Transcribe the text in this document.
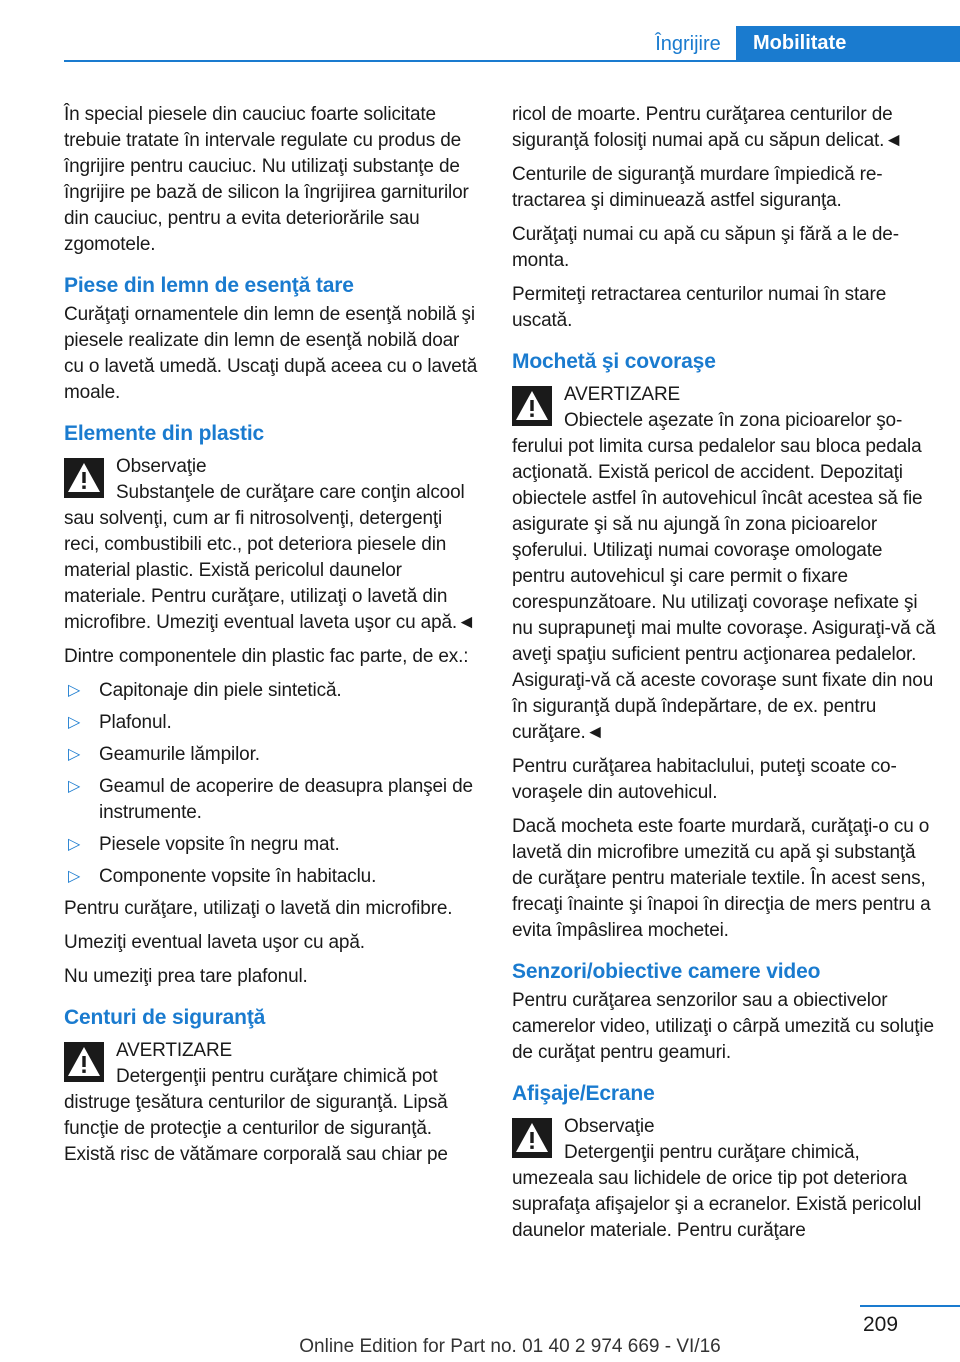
Îngrijire	Mobilitate

În special piesele din cauciuc foarte solicitate trebuie tratate în intervale regulate cu produs de îngrijire pentru cauciuc. Nu utilizaţi substanţe de îngrijire pe bază de silicon la îngrijirea garniturilor din cauciuc, pentru a evita deteriorările sau zgomotele.

Piese din lemn de esenţă tare

Curăţaţi ornamentele din lemn de esenţă nobilă şi piesele realizate din lemn de esenţă nobilă doar cu o lavetă umedă. Uscaţi după aceea cu o lavetă moale.

Elemente din plastic
Observaţie
Substanţele de curăţare care conţin alcool sau solvenţi, cum ar fi nitrosolvenţi, detergenţi reci, combustibili etc., pot deteriora piesele din material plastic. Există pericolul daunelor materiale. Pentru curăţare, utilizaţi o lavetă din microfibre. Umeziţi eventual laveta uşor cu apă.◄

Dintre componentele din plastic fac parte, de ex.:

▷ Capitonaje din piele sintetică.
▷ Plafonul.
▷ Geamurile lămpilor.
▷ Geamul de acoperire de deasupra planşei de instrumente.
▷ Piesele vopsite în negru mat.
▷ Componente vopsite în habitaclu.

Pentru curăţare, utilizaţi o lavetă din microfibre.

Umeziţi eventual laveta uşor cu apă.

Nu umeziţi prea tare plafonul.

Centuri de siguranţă
AVERTIZARE
Detergenţii pentru curăţare chimică pot distruge ţesătura centurilor de siguranţă. Lipsă funcţie de protecţie a centurilor de siguranţă. Există risc de vătămare corporală sau chiar pe

ricol de moarte. Pentru curăţarea centurilor de siguranţă folosiţi numai apă cu săpun delicat.◄

Centurile de siguranţă murdare împiedică retractarea şi diminuează astfel siguranţa.

Curăţaţi numai cu apă cu săpun şi fără a le demonta.

Permiteţi retractarea centurilor numai în stare uscată.

Mochetă şi covoraşe
AVERTIZARE
Obiectele aşezate în zona picioarelor şoferului pot limita cursa pedalelor sau bloca pedala acţionată. Există pericol de accident. Depozitaţi obiectele astfel în autovehicul încât acestea să fie asigurate şi să nu ajungă în zona picioarelor şoferului. Utilizaţi numai covoraşe omologate pentru autovehicul şi care permit o fixare corespunzătoare. Nu utilizaţi covoraşe nefixate şi nu suprapuneţi mai multe covoraşe. Asiguraţi-vă că aveţi spaţiu suficient pentru acţionarea pedalelor. Asiguraţi-vă că aceste covoraşe sunt fixate din nou în siguranţă după îndepărtare, de ex. pentru curăţare.◄

Pentru curăţarea habitaclului, puteţi scoate covoraşele din autovehicul.

Dacă mocheta este foarte murdară, curăţaţi-o cu o lavetă din microfibre umezită cu apă şi substanţă de curăţare pentru materiale textile. În acest sens, frecaţi înainte şi înapoi în direcţia de mers pentru a evita împâslirea mochetei.

Senzori/obiective camere video

Pentru curăţarea senzorilor sau a obiectivelor camerelor video, utilizaţi o cârpă umezită cu soluţie de curăţat pentru geamuri.

Afişaje/Ecrane
Observaţie
Detergenţii pentru curăţare chimică, umezeala sau lichidele de orice tip pot deteriora suprafaţa afişajelor şi a ecranelor. Există pericolul daunelor materiale. Pentru curăţare
209
Online Edition for Part no. 01 40 2 974 669 - VI/16
